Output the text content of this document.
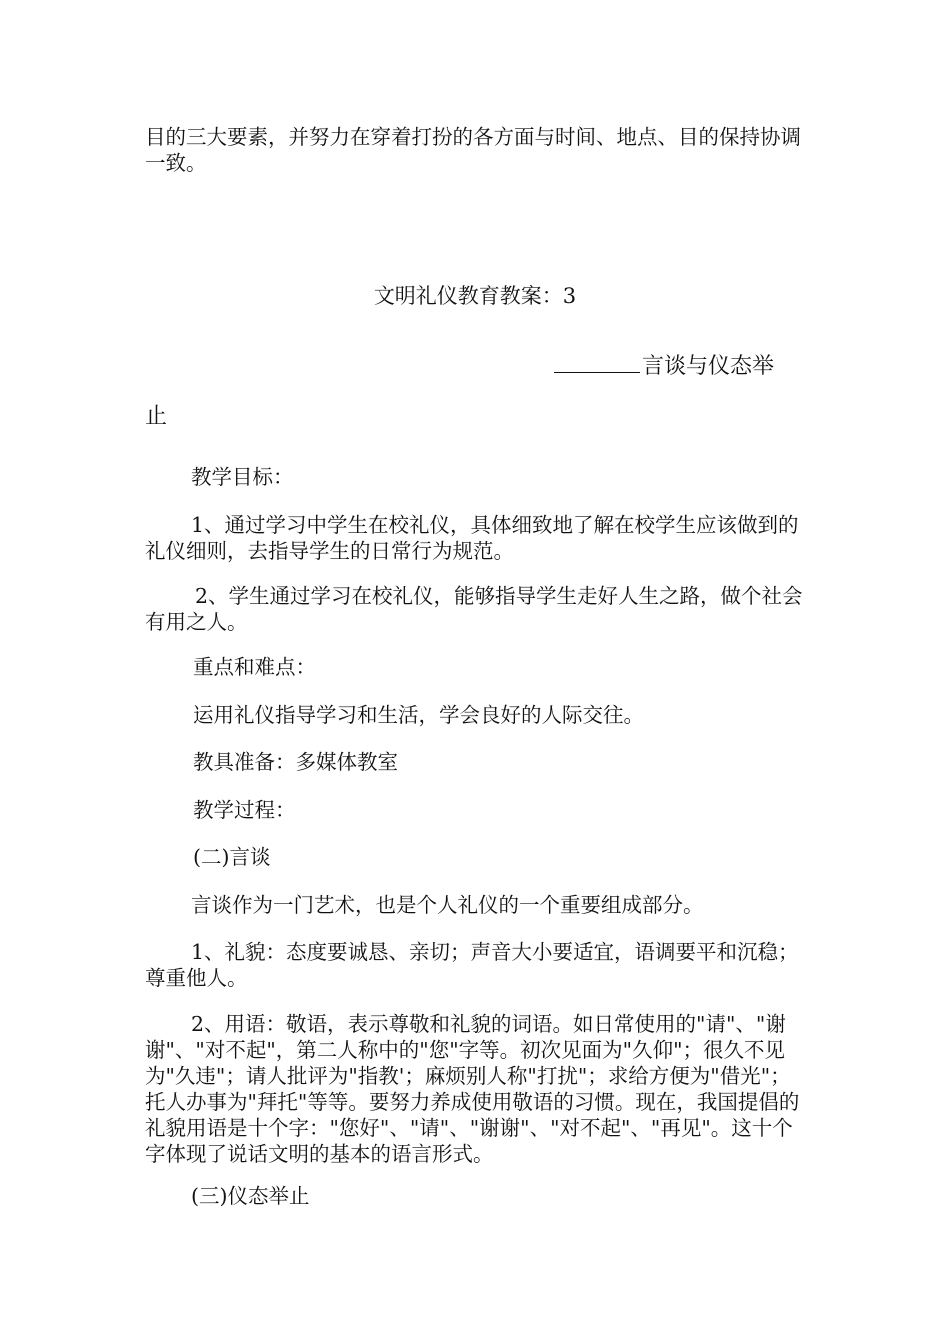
目的三大要素，并努力在穿着打扮的各方面与时间、地点、目的保持协调一致。

文明礼仪教育教案：3
言谈与仪态举
止

教学目标：

1、通过学习中学生在校礼仪，具体细致地了解在校学生应该做到的礼仪细则，去指导学生的日常行为规范。

2、学生通过学习在校礼仪，能够指导学生走好人生之路，做个社会有用之人。

重点和难点：

运用礼仪指导学习和生活，学会良好的人际交往。

教具准备：多媒体教室

教学过程：

(二)言谈

言谈作为一门艺术，也是个人礼仪的一个重要组成部分。

1、礼貌：态度要诚恳、亲切；声音大小要适宜，语调要平和沉稳；尊重他人。

2、用语：敬语，表示尊敬和礼貌的词语。如日常使用的"请"、"谢谢"、"对不起"，第二人称中的"您"字等。初次见面为"久仰"；很久不见为"久违"；请人批评为"指教'；麻烦别人称"打扰"；求给方便为"借光"；托人办事为"拜托"等等。要努力养成使用敬语的习惯。现在，我国提倡的礼貌用语是十个字："您好"、"请"、"谢谢"、"对不起"、"再见"。这十个字体现了说话文明的基本的语言形式。

(三)仪态举止
